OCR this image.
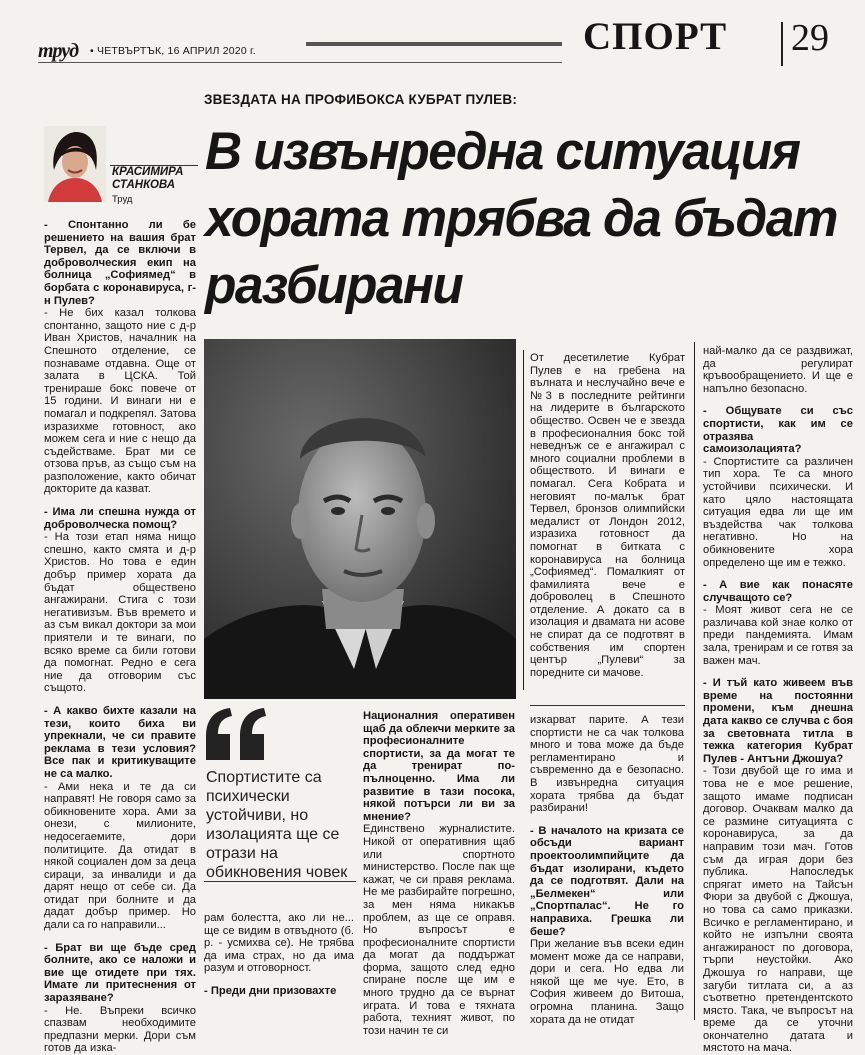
труд • ЧЕТВЪРТЪК, 16 АПРИЛ 2020 г.	СПОРТ 29
ЗВЕЗДАТА НА ПРОФИБОКСА КУБРАТ ПУЛЕВ:
В извънредна ситуация хората трябва да бъдат разбирани
КРАСИМИРА
СТАНКОВА
Труд
Спортистите са психически устойчиви, но изолацията ще се отрази на обикновения човек

- Спонтанно ли бе решението на вашия брат Тервел, да се включи в доброволческия екип на болница „Софиямед“ в борбата с коронавируса, г-н Пулев?

- Не бих казал толкова спонтанно, защото ние с д-р Иван Христов, началник на Спешното отделение, се познаваме отдавна. Още от залата в ЦСКА. Той тренираше бокс повече от 15 години. И винаги ни е помагал и подкрепял. Затова изразихме готовност, ако можем сега и ние с нещо да съдействаме. Брат ми се отзова пръв, аз също съм на разположение, както обичат докторите да казват.

- Има ли спешна нужда от доброволческа помощ?

- На този етап няма нищо спешно, както смята и д-р Христов. Но това е един добър пример хората да бъдат обществено ангажирани. Стига с този негативизъм. Във времето и аз съм викал доктори за мои приятели и те винаги, по всяко време са били готови да помогнат. Редно е сега ние да отговорим със същото.

- А какво бихте казали на тези, които биха ви упрекнали, че си правите реклама в тези условия? Все пак и критикуващите не са малко.

- Ами нека и те да си направят! Не говоря само за обикновените хора. Ами за онези, с милионите, недосегаемите, дори политиците. Да отидат в някой социален дом за деца сираци, за инвалиди и да дарят нещо от себе си. Да отидат при болните и да дадат добър пример. Но дали са го направили...

- Брат ви ще бъде сред болните, ако се наложи и вие ще отидете при тях. Имате ли притеснения от заразяване?

- Не. Въпреки всичко спазвам необходимите предпазни мерки. Дори съм готов да изка-

рам болестта, ако ли не... ще се видим в отвъдното (б. р. - усмихва се). Не трябва да има страх, но да има разум и отговорност.

- Преди дни призовахте

Националния оперативен щаб да облекчи мерките за професионалните спортисти, за да могат те да тренират по-пълноценно. Има ли развитие в тази посока, някой потърси ли ви за мнение?

Единствено журналистите. Никой от оперативния щаб или спортното министерство. После пак ще кажат, че си правя реклама. Не ме разбирайте погрешно, за мен няма никакъв проблем, аз ще се оправя. Но въпросът е професионалните спортисти да могат да поддържат форма, защото след едно спиране после ще им е много трудно да се върнат играта. И това е тяхната работа, техният живот, по този начин те си

изкарват парите. А тези спортисти не са чак толкова много и това може да бъде регламентирано и съвременно да е безопасно. В извънредна ситуация хората трябва да бъдат разбирани!

- В началото на кризата се обсъди вариант проектоолимпийците да бъдат изолирани, където да се подготвят. Дали на „Белмекен“ или „Спортпалас“. Не го направиха. Грешка ли беше?

При желание във всеки един момент може да се направи, дори и сега. Но едва ли някой ще ме чуе. Ето, в София живеем до Витоша, огромна планина. Защо хората да не отидат

От десетилетие Кубрат Пулев е на гребена на вълната и неслучайно вече е №3 в последните рейтинги на лидерите в българското общество. Освен че е звезда в професионалния бокс той неведнъж се е ангажирал с много социални проблеми в обществото. И винаги е помагал. Сега Кобрата и неговият по-малък брат Тервел, бронзов олимпийски медалист от Лондон 2012, изразиха готовност да помогнат в битката с коронавируса на болница „Софиямед“. Помалкият от фамилията вече е доброволец в Спешното отделение. А докато са в изолация и двамата ни асове не спират да се подготвят в собствения им спортен център „Пулеви“ за поредните си мачове.

най-малко да се раздвижат, да регулират кръвообращението. И ще е напълно безопасно.

- Общувате си със спортисти, как им се отразява самоизолацията?

- Спортистите са различен тип хора. Те са много устойчиви психически. И като цяло настоящата ситуация едва ли ще им въздейства чак толкова негативно. Но на обикновените хора определено ще им е тежко.

- А вие как понасяте случващото се?

- Моят живот сега не се различава кой знае колко от преди пандемията. Имам зала, тренирам и се готвя за важен мач.

- И тъй като живеем във време на постоянни промени, към днешна дата какво се случва с боя за световната титла в тежка категория Кубрат Пулев - Антъни Джошуа?

- Този двубой ще го има и това не е мое решение, защото имаме подписан договор. Очаквам малко да се размине ситуацията с коронавируса, за да направим този мач. Готов съм да играя дори без публика. Напоследък спрягат името на Тайсън Фюри за двубой с Джошуа, но това са само приказки. Всичко е регламентирано, и който не изпълни своята ангажираност по договора, търпи неустойки. Ако Джошуа го направи, ще загуби титлата си, а аз съответно претендентското място. Така, че въпросът на време да се уточни окончателно датата и мястото на мача.
